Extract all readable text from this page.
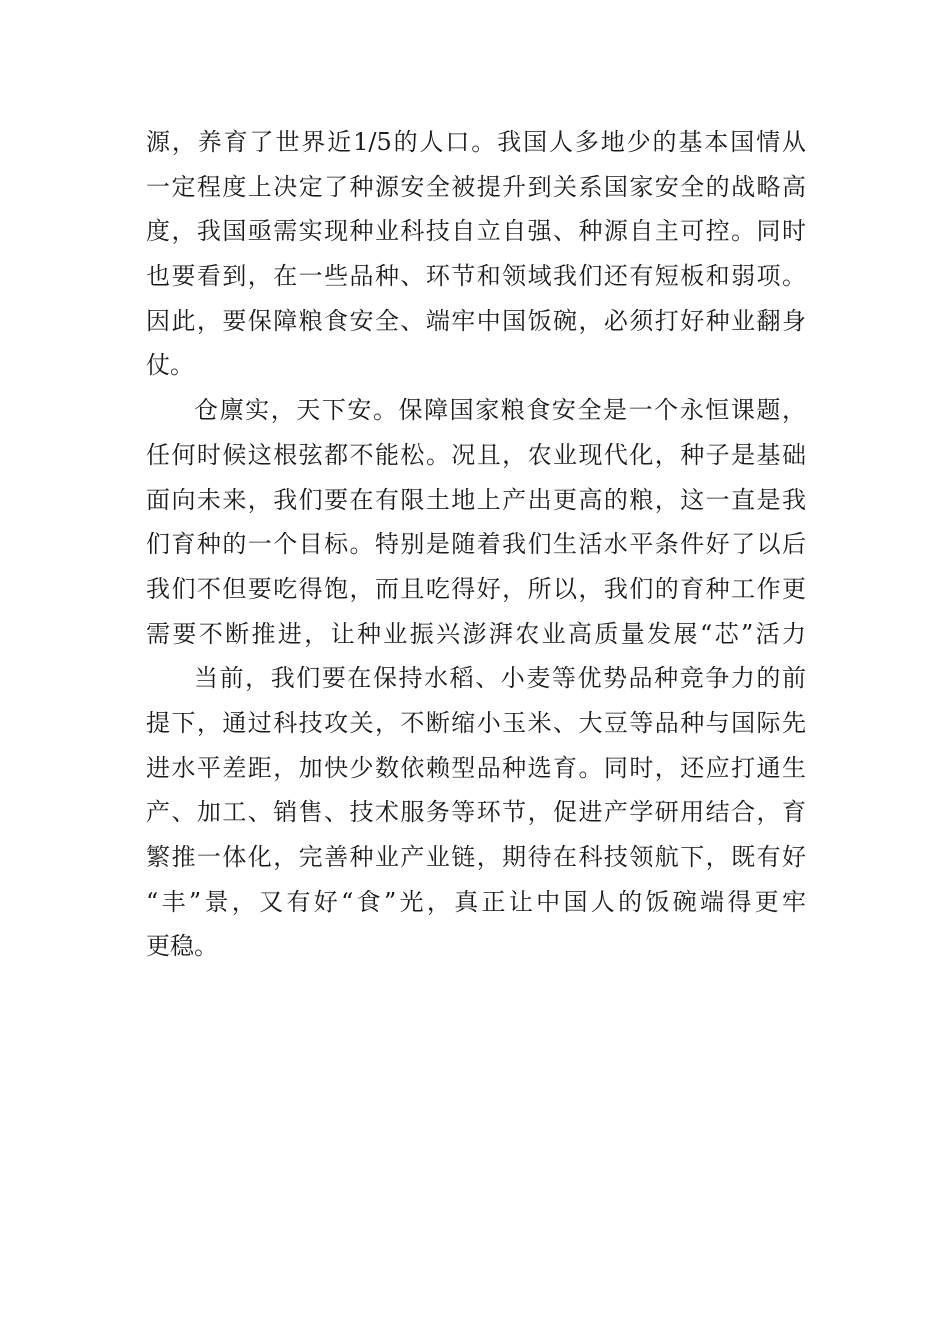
源，养育了世界近1/5的人口。我国人多地少的基本国情从
一定程度上决定了种源安全被提升到关系国家安全的战略高
度，我国亟需实现种业科技自立自强、种源自主可控。同时
也要看到，在一些品种、环节和领域我们还有短板和弱项。
因此，要保障粮食安全、端牢中国饭碗，必须打好种业翻身
仗。
仓廪实，天下安。保障国家粮食安全是一个永恒课题，
任何时候这根弦都不能松。况且，农业现代化，种子是基础
面向未来，我们要在有限土地上产出更高的粮，这一直是我
们育种的一个目标。特别是随着我们生活水平条件好了以后
我们不但要吃得饱，而且吃得好，所以，我们的育种工作更
需要不断推进，让种业振兴澎湃农业高质量发展“芯”活力
当前，我们要在保持水稻、小麦等优势品种竞争力的前
提下，通过科技攻关，不断缩小玉米、大豆等品种与国际先
进水平差距，加快少数依赖型品种选育。同时，还应打通生
产、加工、销售、技术服务等环节，促进产学研用结合，育
繁推一体化，完善种业产业链，期待在科技领航下，既有好
“丰”景，又有好“食”光，真正让中国人的饭碗端得更牢
更稳。
